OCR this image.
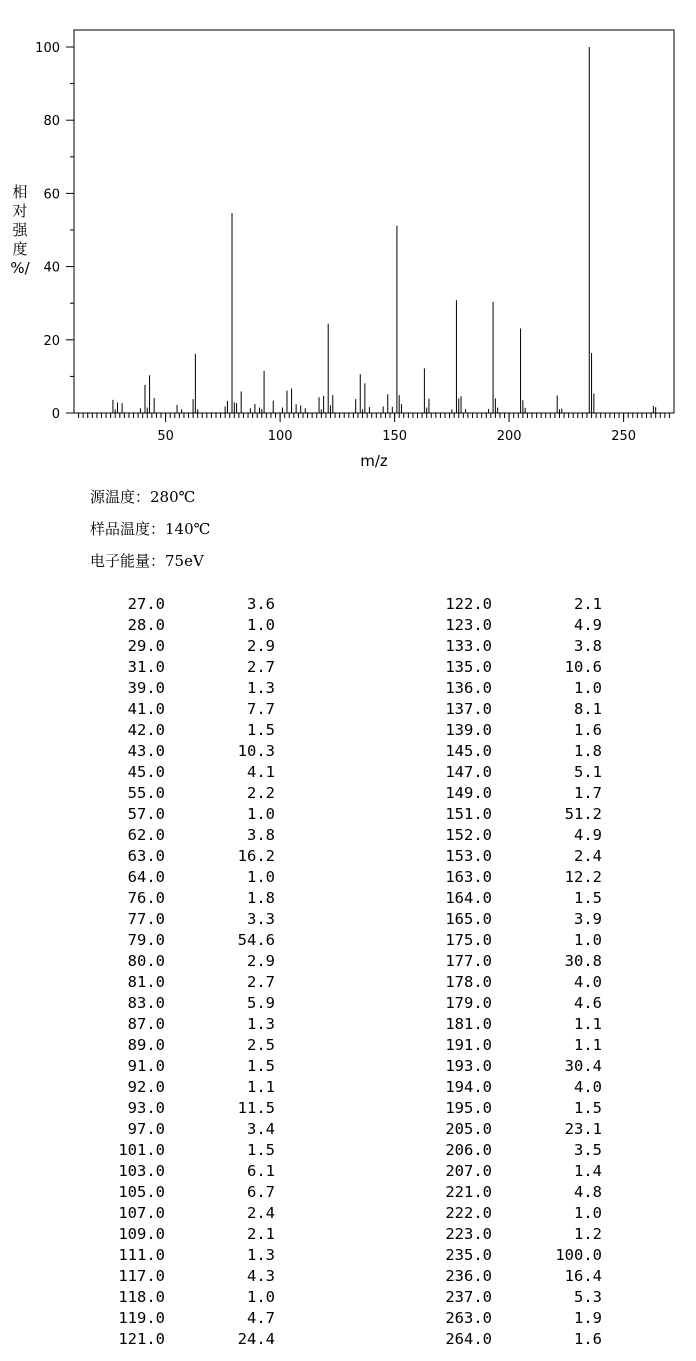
50	100	150	200	250
0
20
40
60
80
100
m/z
相
对
强
度
%/
源温度：280℃
样品温度：140℃
电子能量：75eV
27.0	3.6
28.0	1.0
29.0	2.9
31.0	2.7
39.0	1.3
41.0	7.7
42.0	1.5
43.0	10.3
45.0	4.1
55.0	2.2
57.0	1.0
62.0	3.8
63.0	16.2
64.0	1.0
76.0	1.8
77.0	3.3
79.0	54.6
80.0	2.9
81.0	2.7
83.0	5.9
87.0	1.3
89.0	2.5
91.0	1.5
92.0	1.1
93.0	11.5
97.0	3.4
101.0	1.5
103.0	6.1
105.0	6.7
107.0	2.4
109.0	2.1
111.0	1.3
117.0	4.3
118.0	1.0
119.0	4.7
121.0	24.4
122.0	2.1
123.0	4.9
133.0	3.8
135.0	10.6
136.0	1.0
137.0	8.1
139.0	1.6
145.0	1.8
147.0	5.1
149.0	1.7
151.0	51.2
152.0	4.9
153.0	2.4
163.0	12.2
164.0	1.5
165.0	3.9
175.0	1.0
177.0	30.8
178.0	4.0
179.0	4.6
181.0	1.1
191.0	1.1
193.0	30.4
194.0	4.0
195.0	1.5
205.0	23.1
206.0	3.5
207.0	1.4
221.0	4.8
222.0	1.0
223.0	1.2
235.0	100.0
236.0	16.4
237.0	5.3
263.0	1.9
264.0	1.6
